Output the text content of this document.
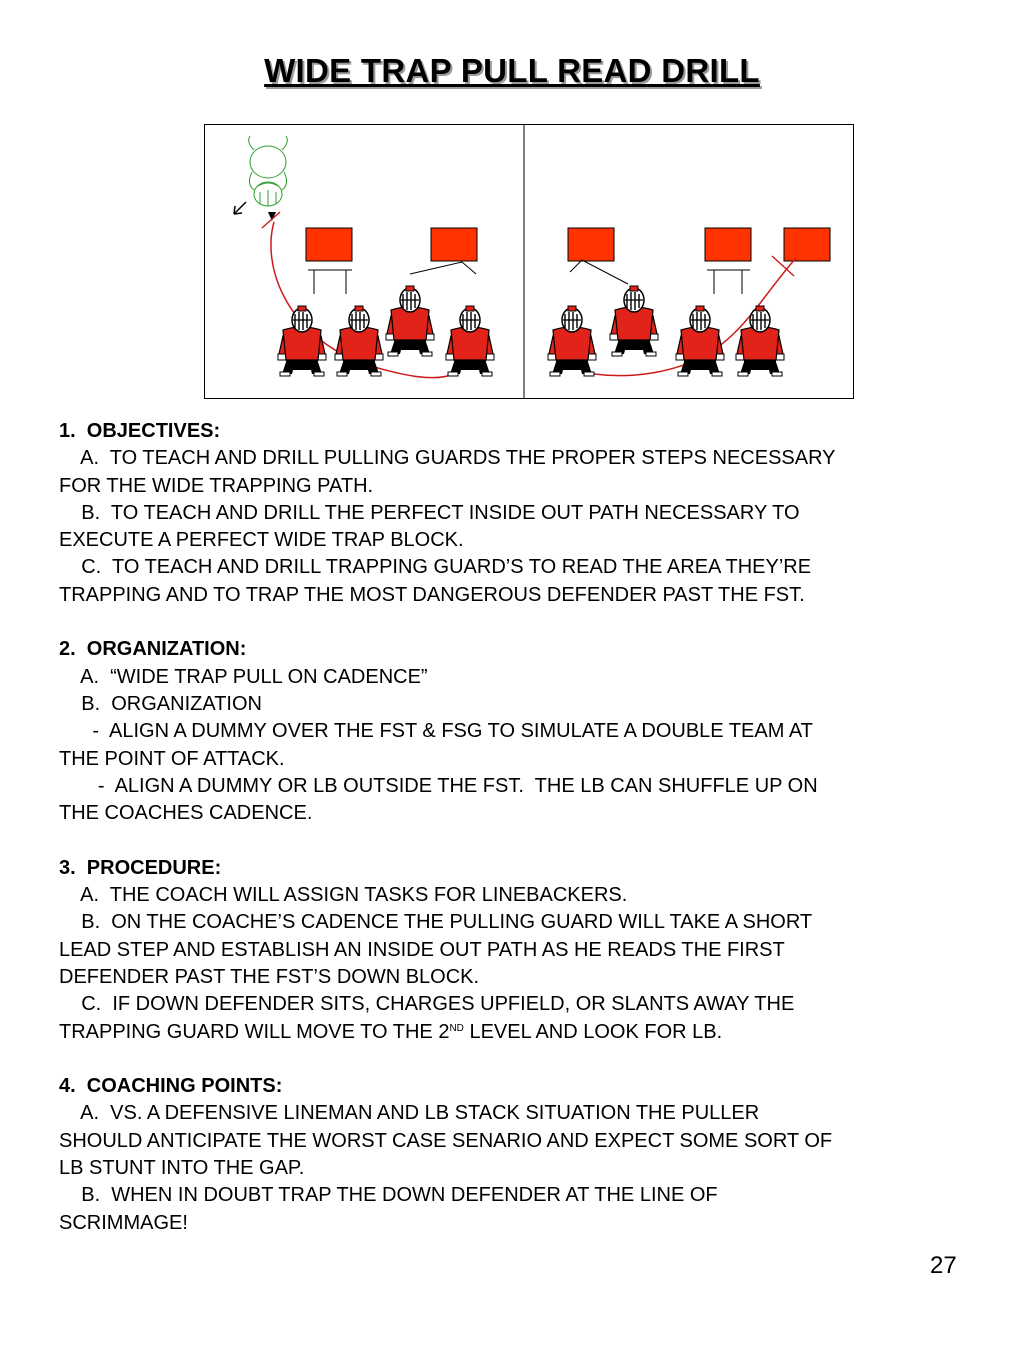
WIDE TRAP PULL READ DRILL
1.  OBJECTIVES:
A.  TO TEACH AND DRILL PULLING GUARDS THE PROPER STEPS NECESSARY
FOR THE WIDE TRAPPING PATH.
B.  TO TEACH AND DRILL THE PERFECT INSIDE OUT PATH NECESSARY TO
EXECUTE A PERFECT WIDE TRAP BLOCK.
C.  TO TEACH AND DRILL TRAPPING GUARD’S TO READ THE AREA THEY’RE
TRAPPING AND TO TRAP THE MOST DANGEROUS DEFENDER PAST THE FST.
2.  ORGANIZATION:
A.  “WIDE TRAP PULL ON CADENCE”
B.  ORGANIZATION
-  ALIGN A DUMMY OVER THE FST & FSG TO SIMULATE A DOUBLE TEAM AT
THE POINT OF ATTACK.
-  ALIGN A DUMMY OR LB OUTSIDE THE FST.  THE LB CAN SHUFFLE UP ON
THE COACHES CADENCE.
3.  PROCEDURE:
A.  THE COACH WILL ASSIGN TASKS FOR LINEBACKERS.
B.  ON THE COACHE’S CADENCE THE PULLING GUARD WILL TAKE A SHORT
LEAD STEP AND ESTABLISH AN INSIDE OUT PATH AS HE READS THE FIRST
DEFENDER PAST THE FST’S DOWN BLOCK.
C.  IF DOWN DEFENDER SITS, CHARGES UPFIELD, OR SLANTS AWAY THE
TRAPPING GUARD WILL MOVE TO THE 2ND LEVEL AND LOOK FOR LB.
4.  COACHING POINTS:
A.  VS. A DEFENSIVE LINEMAN AND LB STACK SITUATION THE PULLER
SHOULD ANTICIPATE THE WORST CASE SENARIO AND EXPECT SOME SORT OF
LB STUNT INTO THE GAP.
B.  WHEN IN DOUBT TRAP THE DOWN DEFENDER AT THE LINE OF
SCRIMMAGE!
27
